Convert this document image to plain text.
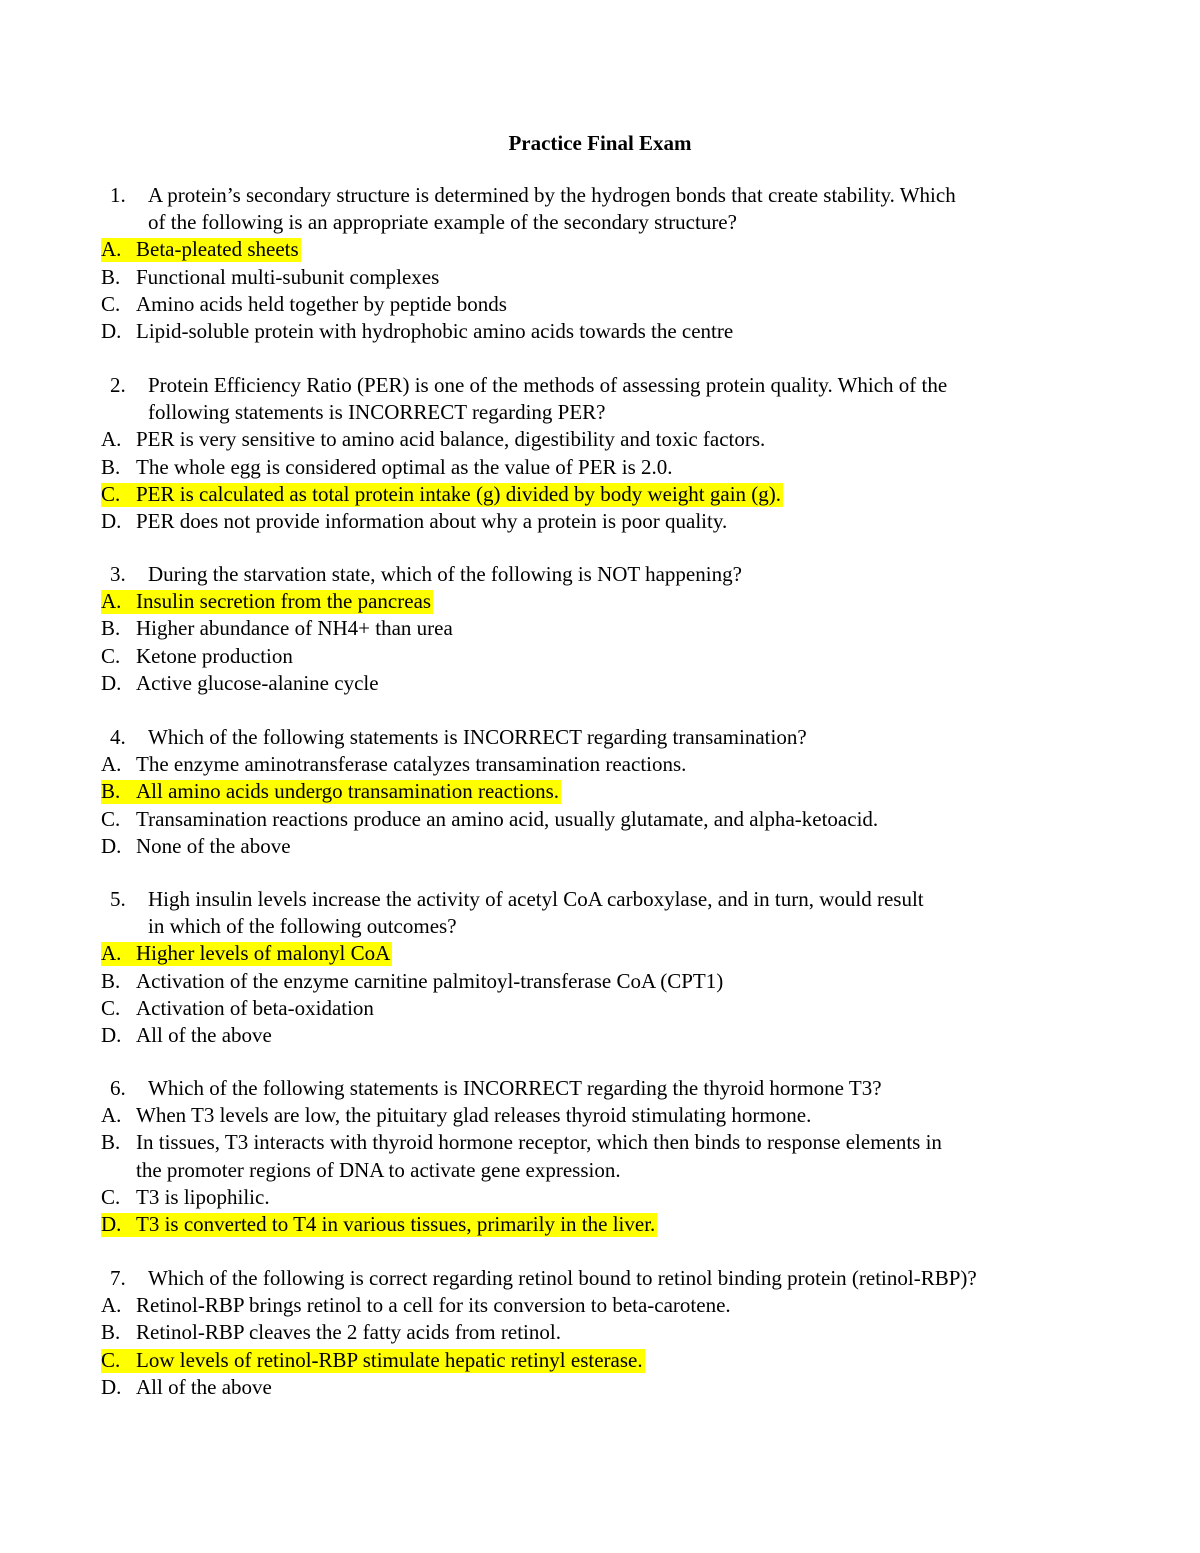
Practice Final Exam
1. A protein’s secondary structure is determined by the hydrogen bonds that create stability. Which
of the following is an appropriate example of the secondary structure?
A. Beta-pleated sheets
B. Functional multi-subunit complexes
C. Amino acids held together by peptide bonds
D. Lipid-soluble protein with hydrophobic amino acids towards the centre
2. Protein Efficiency Ratio (PER) is one of the methods of assessing protein quality. Which of the
following statements is INCORRECT regarding PER?
A. PER is very sensitive to amino acid balance, digestibility and toxic factors.
B. The whole egg is considered optimal as the value of PER is 2.0.
C. PER is calculated as total protein intake (g) divided by body weight gain (g).
D. PER does not provide information about why a protein is poor quality.
3. During the starvation state, which of the following is NOT happening?
A. Insulin secretion from the pancreas
B. Higher abundance of NH4+ than urea
C. Ketone production
D. Active glucose-alanine cycle
4. Which of the following statements is INCORRECT regarding transamination?
A. The enzyme aminotransferase catalyzes transamination reactions.
B. All amino acids undergo transamination reactions.
C. Transamination reactions produce an amino acid, usually glutamate, and alpha-ketoacid.
D. None of the above
5. High insulin levels increase the activity of acetyl CoA carboxylase, and in turn, would result
in which of the following outcomes?
A. Higher levels of malonyl CoA
B. Activation of the enzyme carnitine palmitoyl-transferase CoA (CPT1)
C. Activation of beta-oxidation
D. All of the above
6. Which of the following statements is INCORRECT regarding the thyroid hormone T3?
A. When T3 levels are low, the pituitary glad releases thyroid stimulating hormone.
B. In tissues, T3 interacts with thyroid hormone receptor, which then binds to response elements in
the promoter regions of DNA to activate gene expression.
C. T3 is lipophilic.
D. T3 is converted to T4 in various tissues, primarily in the liver.
7. Which of the following is correct regarding retinol bound to retinol binding protein (retinol-RBP)?
A. Retinol-RBP brings retinol to a cell for its conversion to beta-carotene.
B. Retinol-RBP cleaves the 2 fatty acids from retinol.
C. Low levels of retinol-RBP stimulate hepatic retinyl esterase.
D. All of the above
